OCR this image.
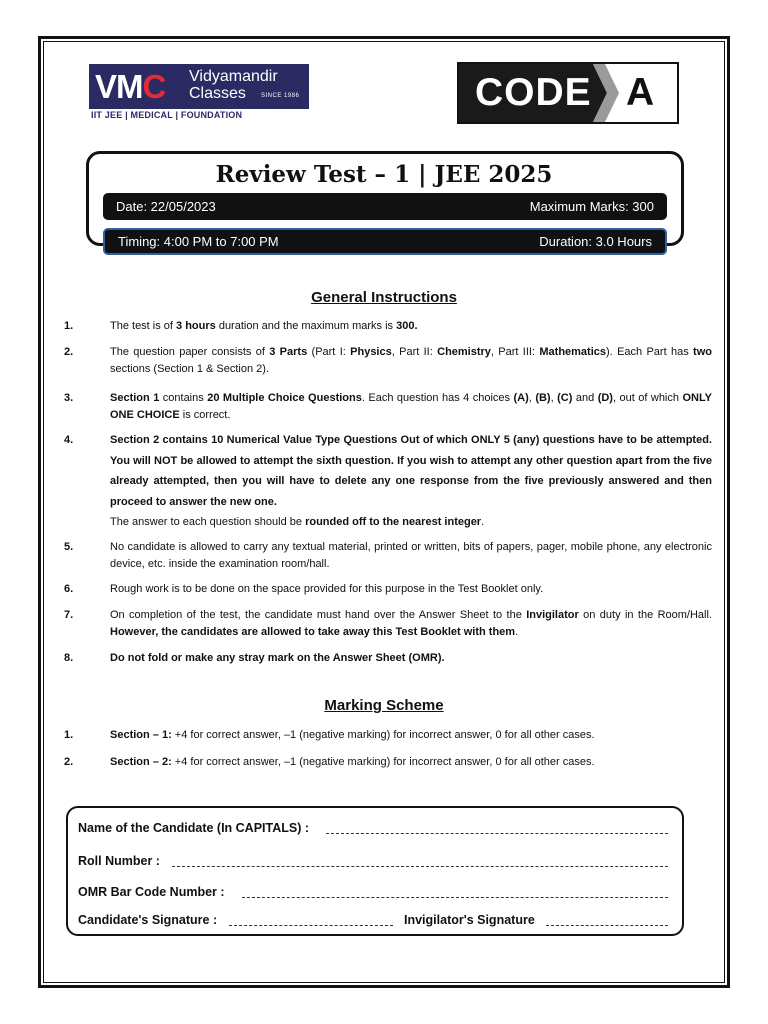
VMC Vidyamandir
Classes	SINCE 1986
IIT JEE | MEDICAL | FOUNDATION
CODE A
Review Test – 1 | JEE 2025
Date: 22/05/2023	Maximum Marks: 300
Timing: 4:00 PM to 7:00 PM	Duration: 3.0 Hours
General Instructions
1.	The test is of 3 hours duration and the maximum marks is 300.
2.	The question paper consists of 3 Parts (Part I: Physics, Part II: Chemistry, Part III: Mathematics). Each Part has two sections (Section 1 & Section 2).
3.	Section 1 contains 20 Multiple Choice Questions. Each question has 4 choices (A), (B), (C) and (D), out of which ONLY ONE CHOICE is correct.
4.	Section 2 contains 10 Numerical Value Type Questions Out of which ONLY 5 (any) questions have to be attempted. You will NOT be allowed to attempt the sixth question. If you wish to attempt any other question apart from the five already attempted, then you will have to delete any one response from the five previously answered and then proceed to answer the new one.
The answer to each question should be rounded off to the nearest integer.
5.	No candidate is allowed to carry any textual material, printed or written, bits of papers, pager, mobile phone, any electronic device, etc. inside the examination room/hall.
6.	Rough work is to be done on the space provided for this purpose in the Test Booklet only.
7.	On completion of the test, the candidate must hand over the Answer Sheet to the Invigilator on duty in the Room/Hall. However, the candidates are allowed to take away this Test Booklet with them.
8.	Do not fold or make any stray mark on the Answer Sheet (OMR).
Marking Scheme
1.	Section – 1: +4 for correct answer, –1 (negative marking) for incorrect answer, 0 for all other cases.
2.	Section – 2: +4 for correct answer, –1 (negative marking) for incorrect answer, 0 for all other cases.
Name of the Candidate (In CAPITALS) :
Roll Number :
OMR Bar Code Number :
Candidate's Signature :	Invigilator's Signature
